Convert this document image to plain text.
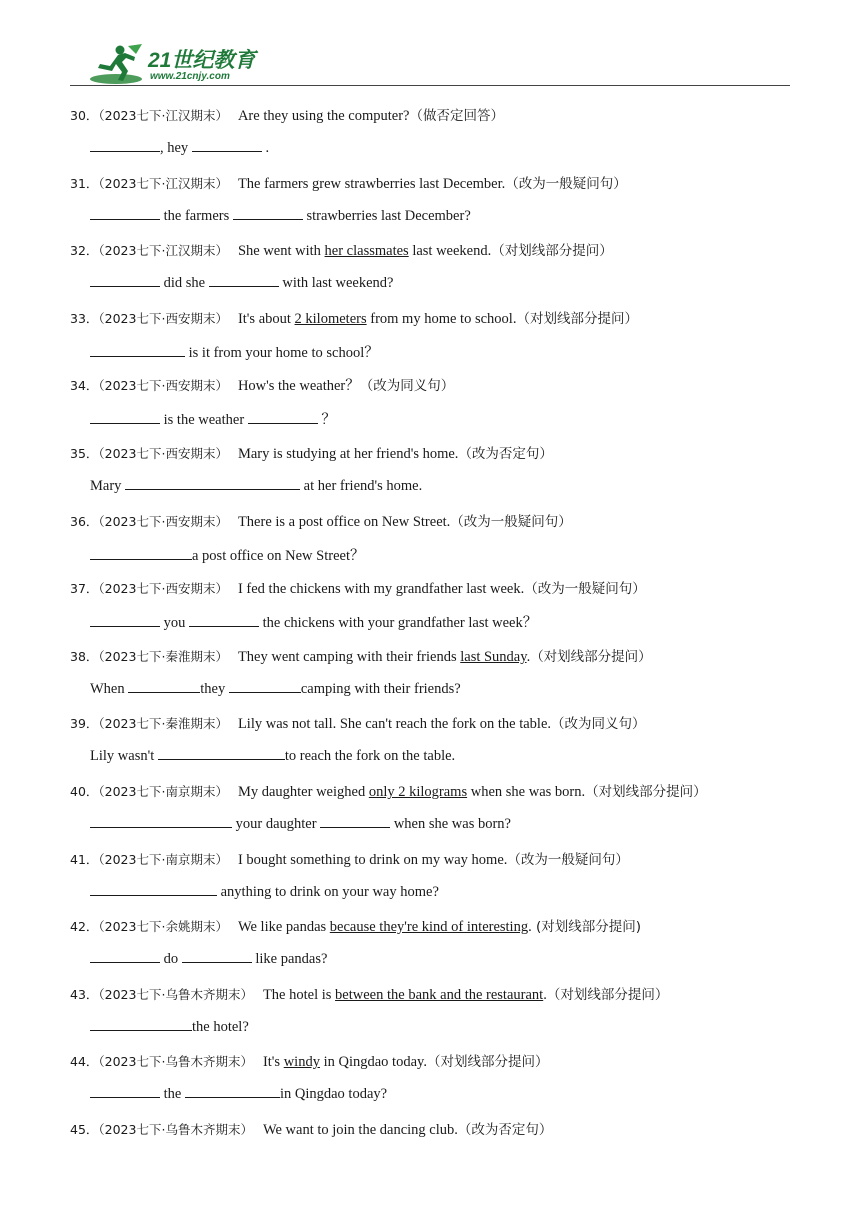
21世纪教育
www.21cnjy.com
30．（2023七下·江汉期末） Are they using the computer?（做否定回答）
, hey	.
31．（2023七下·江汉期末） The farmers grew strawberries last December.（改为一般疑问句）
the farmers	strawberries last December?
32．（2023七下·江汉期末） She went with her classmates last weekend.（对划线部分提问）
did she	with last weekend?
33．（2023七下·西安期末） It's about 2 kilometers from my home to school.（对划线部分提问）
is it from your home to school？
34．（2023七下·西安期末） How's the weather？（改为同义句）
is the weather	？
35．（2023七下·西安期末） Mary is studying at her friend's home.（改为否定句）
Mary	at her friend's home.
36．（2023七下·西安期末） There is a post office on New Street.（改为一般疑问句）
a post office on New Street？
37．（2023七下·西安期末） I fed the chickens with my grandfather last week.（改为一般疑问句）
you	the chickens with your grandfather last week？
38．（2023七下·秦淮期末） They went camping with their friends last Sunday.（对划线部分提问）
When	they	camping with their friends?
39．（2023七下·秦淮期末） Lily was not tall. She can't reach the fork on the table.（改为同义句）
Lily wasn't	to reach the fork on the table.
40．（2023七下·南京期末） My daughter weighed only 2 kilograms when she was born.（对划线部分提问）
your daughter	when she was born?
41．（2023七下·南京期末） I bought something to drink on my way home.（改为一般疑问句）
anything to drink on your way home?
42．（2023七下·余姚期末） We like pandas because they're kind of interesting. (对划线部分提问)
do	like pandas?
43．（2023七下·乌鲁木齐期末） The hotel is between the bank and the restaurant.（对划线部分提问）
the hotel?
44．（2023七下·乌鲁木齐期末） It's windy in Qingdao today.（对划线部分提问）
the	in Qingdao today?
45．（2023七下·乌鲁木齐期末） We want to join the dancing club.（改为否定句）
